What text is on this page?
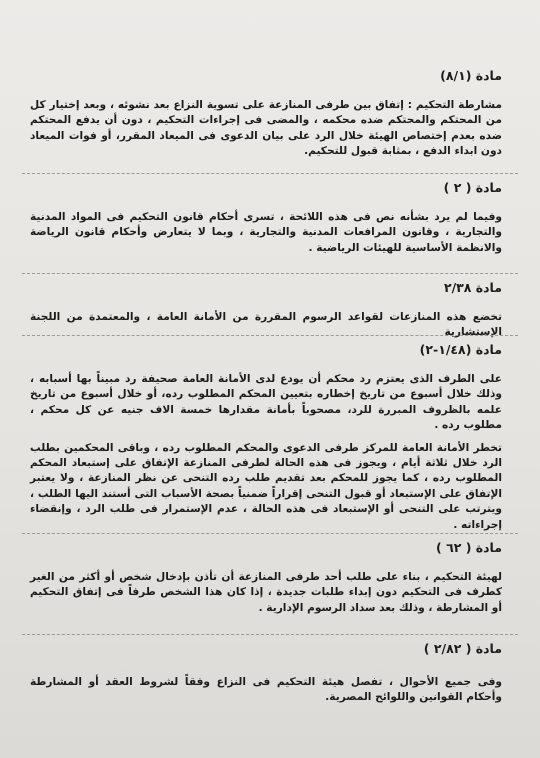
مادة (٨/١)

مشارطة التحكيم : إتفاق بين طرفى المنازعة على تسوية النزاع بعد نشوئه ، وبعد إختيار كل من المحتكم والمحتكم ضده محكمه ، والمضى فى إجراءات التحكيم ، دون أن يدفع المحتكم ضده بعدم إختصاص الهيئة خلال الرد على بيان الدعوى فى الميعاد المقرر، أو فوات الميعاد دون ابداء الدفع ، بمثابة قبول للتحكيم.

مادة ( ٢ )

وفيما لم يرد بشأنه نص فى هذه اللائحة ، تسرى أحكام قانون التحكيم فى المواد المدنية والتجارية ، وقانون المرافعات المدنية والتجارية ، وبما لا يتعارض وأحكام قانون الرياضة والانظمة الأساسية للهيئات الرياضية .

مادة ٢/٣٨

تخضع هذه المنازعات لقواعد الرسوم المقررة من الأمانة العامة ، والمعتمدة من اللجنة الإستشارية

مادة (١/٤٨-٢)

على الطرف الذى يعتزم رد محكم أن يودع لدى الأمانة العامة صحيفة رد مبيناً بها أسبابه ، وذلك خلال أسبوع من تاريخ إخطاره بتعيين المحكم المطلوب رده، أو خلال أسبوع من تاريخ علمه بالظروف المبررة للرد، مصحوباً بأمانة مقدارها خمسة الاف جنيه عن كل محكم ، مطلوب رده .

تخطر الأمانة العامة للمركز طرفى الدعوى والمحكم المطلوب رده ، وباقى المحكمين بطلب الرد خلال ثلاثة أيام ، ويجوز فى هذه الحالة لطرفى المنازعة الإتفاق على إستبعاد المحكم المطلوب رده ، كما يجوز للمحكم بعد تقديم طلب رده التنحى عن نظر المنازعة ، ولا يعتبر الإتفاق على الإستبعاد أو قبول التنحى إقراراً ضمنياً بصحة الأسباب التى أستند اليها الطلب ، ويترتب على التنحى أو الإستبعاد فى هذه الحالة ، عدم الإستمرار فى طلب الرد ، وإنقضاء إجراءاته .

مادة ( ٦٢ )

لهيئة التحكيم ، بناء على طلب أحد طرفى المنازعة أن تأذن بإدخال شخص أو أكثر من الغير كطرف فى التحكيم دون إبداء طلبات جديدة ، إذا كان هذا الشخص طرفاً فى إتفاق التحكيم أو المشارطة ، وذلك بعد سداد الرسوم الإدارية .

مادة ( ٢/٨٢ )

وفى جميع الأحوال ، تفصل هيئة التحكيم فى النزاع وفقاً لشروط العقد أو المشارطة وأحكام القوانين واللوائح المصرية.
